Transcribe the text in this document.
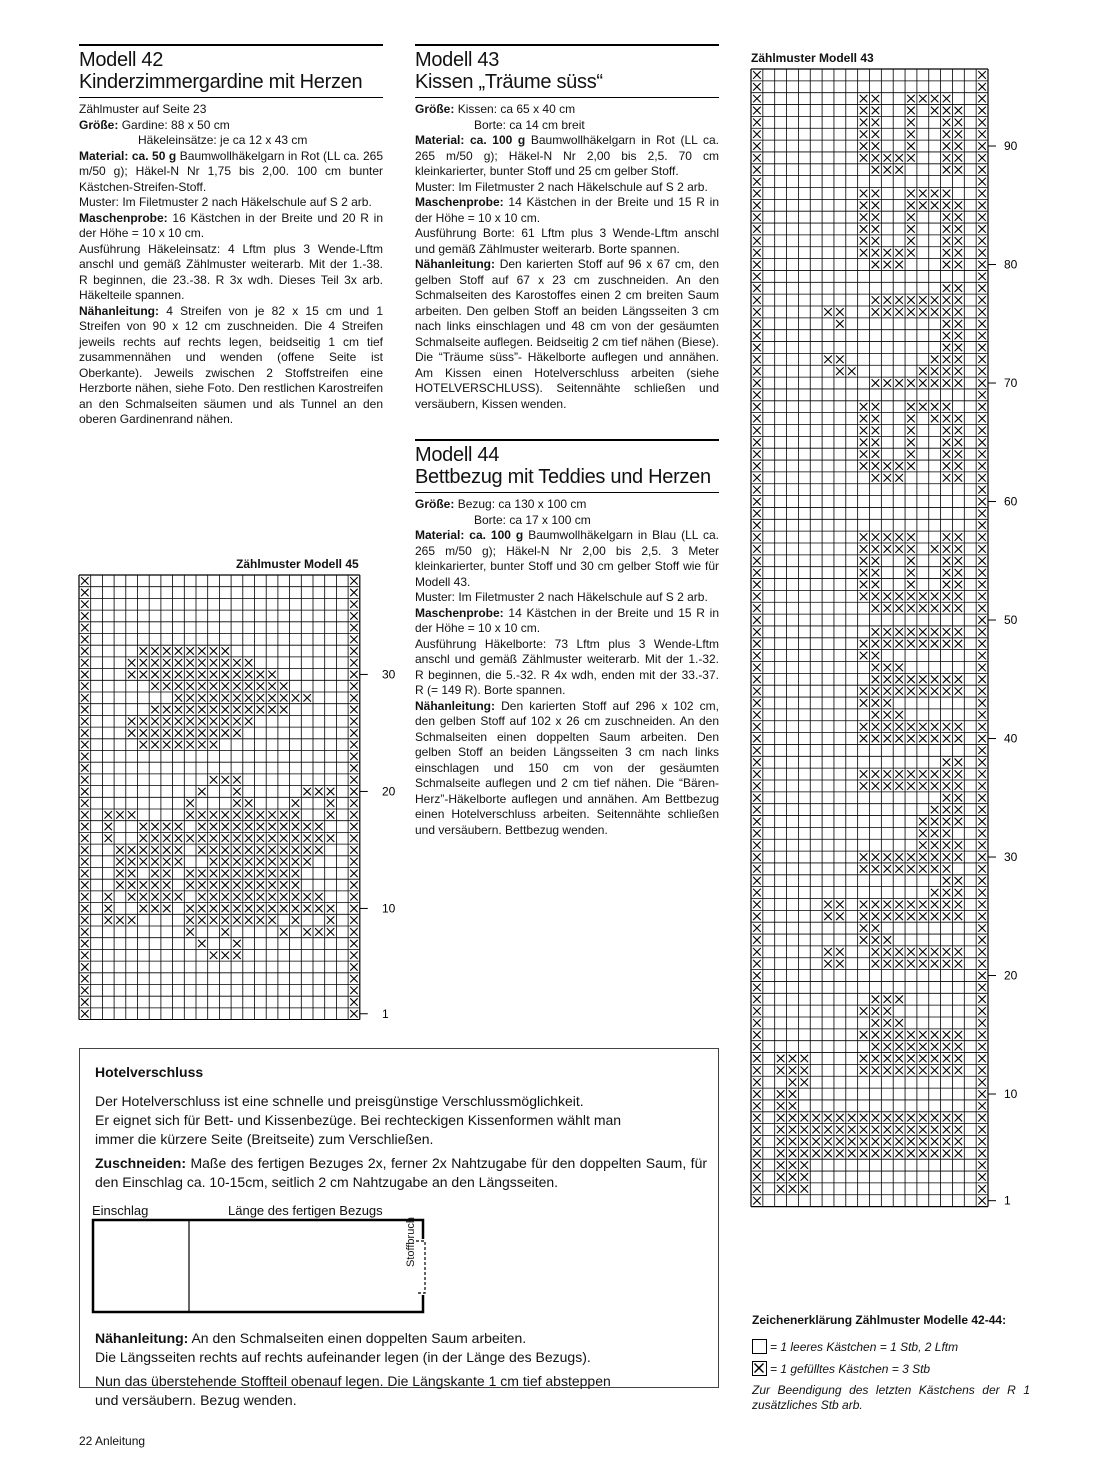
Modell 42
Kinderzimmergardine mit Herzen

Zählmuster auf Seite 23

Größe: Gardine: 88 x 50 cm

Häkeleinsätze: je ca 12 x 43 cm

Material: ca. 50 g Baumwollhäkelgarn in Rot (LL ca. 265 m/50 g); Häkel-N Nr 1,75 bis 2,00. 100 cm bunter Kästchen-Streifen-Stoff.

Muster: Im Filetmuster 2 nach Häkelschule auf S 2 arb.

Maschenprobe: 16 Kästchen in der Breite und 20 R in der Höhe = 10 x 10 cm.

Ausführung Häkeleinsatz: 4 Lftm plus 3 Wende-Lftm anschl und gemäß Zählmuster weiterarb. Mit der 1.-38. R beginnen, die 23.-38. R 3x wdh. Dieses Teil 3x arb. Häkelteile spannen.

Nähanleitung: 4 Streifen von je 82 x 15 cm und 1 Streifen von 90 x 12 cm zuschneiden. Die 4 Streifen jeweils rechts auf rechts legen, beidseitig 1 cm tief zusammennähen und wenden (offene Seite ist Oberkante). Jeweils zwischen 2 Stoffstreifen eine Herzborte nähen, siehe Foto. Den restlichen Karostreifen an den Schmalseiten säumen und als Tunnel an den oberen Gardinenrand nähen.

Modell 43
Kissen „Träume süss“

Größe: Kissen: ca 65 x 40 cm

Borte: ca 14 cm breit

Material: ca. 100 g Baumwollhäkelgarn in Rot (LL ca. 265 m/50 g); Häkel-N Nr 2,00 bis 2,5. 70 cm kleinkarierter, bunter Stoff und 25 cm gelber Stoff.

Muster: Im Filetmuster 2 nach Häkelschule auf S 2 arb.

Maschenprobe: 14 Kästchen in der Breite und 15 R in der Höhe = 10 x 10 cm.

Ausführung Borte: 61 Lftm plus 3 Wende-Lftm anschl und gemäß Zählmuster weiterarb. Borte spannen.

Nähanleitung: Den karierten Stoff auf 96 x 67 cm, den gelben Stoff auf 67 x 23 cm zuschneiden. An den Schmalseiten des Karostoffes einen 2 cm breiten Saum arbeiten. Den gelben Stoff an beiden Längsseiten 3 cm nach links einschlagen und 48 cm von der gesäumten Schmalseite auflegen. Beidseitig 2 cm tief nähen (Biese). Die “Träume süss”- Häkelborte auflegen und annähen. Am Kissen einen Hotelverschluss arbeiten (siehe HOTELVERSCHLUSS). Seitennähte schließen und versäubern, Kissen wenden.

Modell 44
Bettbezug mit Teddies und Herzen

Größe: Bezug: ca 130 x 100 cm

Borte: ca 17 x 100 cm

Material: ca. 100 g Baumwollhäkelgarn in Blau (LL ca. 265 m/50 g); Häkel-N Nr 2,00 bis 2,5. 3 Meter kleinkarierter, bunter Stoff und 30 cm gelber Stoff wie für Modell 43.

Muster: Im Filetmuster 2 nach Häkelschule auf S 2 arb.

Maschenprobe: 14 Kästchen in der Breite und 15 R in der Höhe = 10 x 10 cm.

Ausführung Häkelborte: 73 Lftm plus 3 Wende-Lftm anschl und gemäß Zählmuster weiterarb. Mit der 1.-32. R beginnen, die 5.-32. R 4x wdh, enden mit der 33.-37. R (= 149 R). Borte spannen.

Nähanleitung: Den karierten Stoff auf 296 x 102 cm, den gelben Stoff auf 102 x 26 cm zuschneiden. An den Schmalseiten einen doppelten Saum arbeiten. Den gelben Stoff an beiden Längsseiten 3 cm nach links einschlagen und 150 cm von der gesäumten Schmalseite auflegen und 2 cm tief nähen. Die “Bären-Herz”-Häkelborte auflegen und annähen. Am Bettbezug einen Hotelverschluss arbeiten. Seitennähte schließen und versäubern. Bettbezug wenden.

Zählmuster Modell 45
30
20
10
1
Zählmuster Modell 43
90
80
70
60
50
40
30
20
10
1

Hotelverschluss

Der Hotelverschluss ist eine schnelle und preisgünstige Verschlussmöglichkeit.

Er eignet sich für Bett- und Kissenbezüge. Bei rechteckigen Kissenformen wählt man

immer die kürzere Seite (Breitseite) zum Verschließen.

Zuschneiden: Maße des fertigen Bezuges 2x, ferner 2x Nahtzugabe für den doppelten Saum, für den Einschlag ca. 10-15cm, seitlich 2 cm Nahtzugabe an den Längsseiten.

Einschlag	Länge des fertigen Bezugs
Stoffbruch

Nähanleitung: An den Schmalseiten einen doppelten Saum arbeiten.

Die Längsseiten rechts auf rechts aufeinander legen (in der Länge des Bezugs).

Nun das überstehende Stoffteil obenauf legen. Die Längskante 1 cm tief absteppen

und versäubern. Bezug wenden.

Zeichenerklärung Zählmuster Modelle 42-44:
= 1 leeres Kästchen = 1 Stb, 2 Lftm
= 1 gefülltes Kästchen = 3 Stb
Zur Beendigung des letzten Kästchens der R 1 zusätzliches Stb arb.
22 Anleitung
